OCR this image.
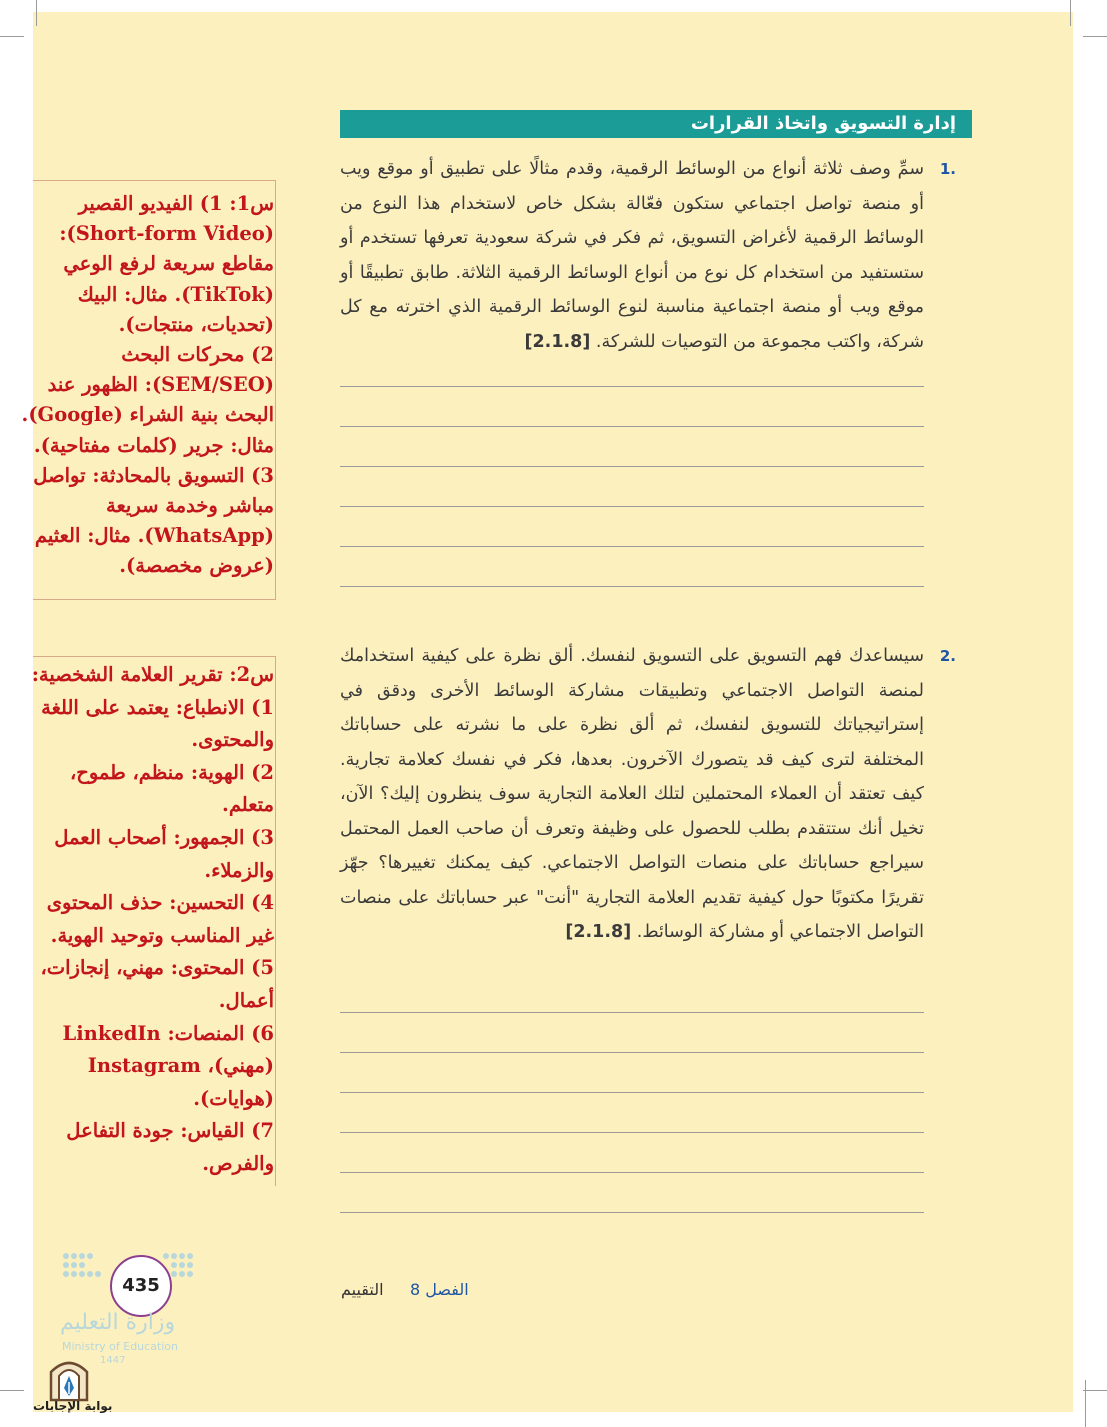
إدارة التسويق واتخاذ القرارات
1.
سمِّ وصف ثلاثة أنواع من الوسائط الرقمية، وقدم مثالًا على تطبيق أو موقع ويب أو منصة تواصل اجتماعي ستكون فعّالة بشكل خاص لاستخدام هذا النوع من الوسائط الرقمية لأغراض التسويق، ثم فكر في شركة سعودية تعرفها تستخدم أو ستستفيد من استخدام كل نوع من أنواع الوسائط الرقمية الثلاثة. طابق تطبيقًا أو موقع ويب أو منصة اجتماعية مناسبة لنوع الوسائط الرقمية الذي اخترته مع كل شركة، واكتب مجموعة من التوصيات للشركة. [2.1.8]
2.
سيساعدك فهم التسويق على التسويق لنفسك. ألق نظرة على كيفية استخدامك لمنصة التواصل الاجتماعي وتطبيقات مشاركة الوسائط الأخرى ودقق في إستراتيجياتك للتسويق لنفسك، ثم ألق نظرة على ما نشرته على حساباتك المختلفة لترى كيف قد يتصورك الآخرون. بعدها، فكر في نفسك كعلامة تجارية. كيف تعتقد أن العملاء المحتملين لتلك العلامة التجارية سوف ينظرون إليك؟ الآن، تخيل أنك ستتقدم بطلب للحصول على وظيفة وتعرف أن صاحب العمل المحتمل سيراجع حساباتك على منصات التواصل الاجتماعي. كيف يمكنك تغييرها؟ جهّز تقريرًا مكتوبًا حول كيفية تقديم العلامة التجارية "أنت" عبر حساباتك على منصات التواصل الاجتماعي أو مشاركة الوسائط. [2.1.8]
س1: 1) الفيديو القصير
(Short-form Video):
مقاطع سريعة لرفع الوعي
(TikTok). مثال: البيك
(تحديات، منتجات).
2) محركات البحث
(SEM/SEO): الظهور عند
البحث بنية الشراء (Google).
مثال: جرير (كلمات مفتاحية).
3) التسويق بالمحادثة: تواصل
مباشر وخدمة سريعة
(WhatsApp). مثال: العثيم
(عروض مخصصة).
س2: تقرير العلامة الشخصية:
1) الانطباع: يعتمد على اللغة
والمحتوى.
2) الهوية: منظم، طموح،
متعلم.
3) الجمهور: أصحاب العمل
والزملاء.
4) التحسين: حذف المحتوى
غير المناسب وتوحيد الهوية.
5) المحتوى: مهني، إنجازات،
أعمال.
6) المنصات: LinkedIn
(مهني)، Instagram
(هوايات).
7) القياس: جودة التفاعل
والفرص.
الفصل 8
التقييم
435
وزارة التعليم
Ministry of Education
1447
بوابة الإجابات
